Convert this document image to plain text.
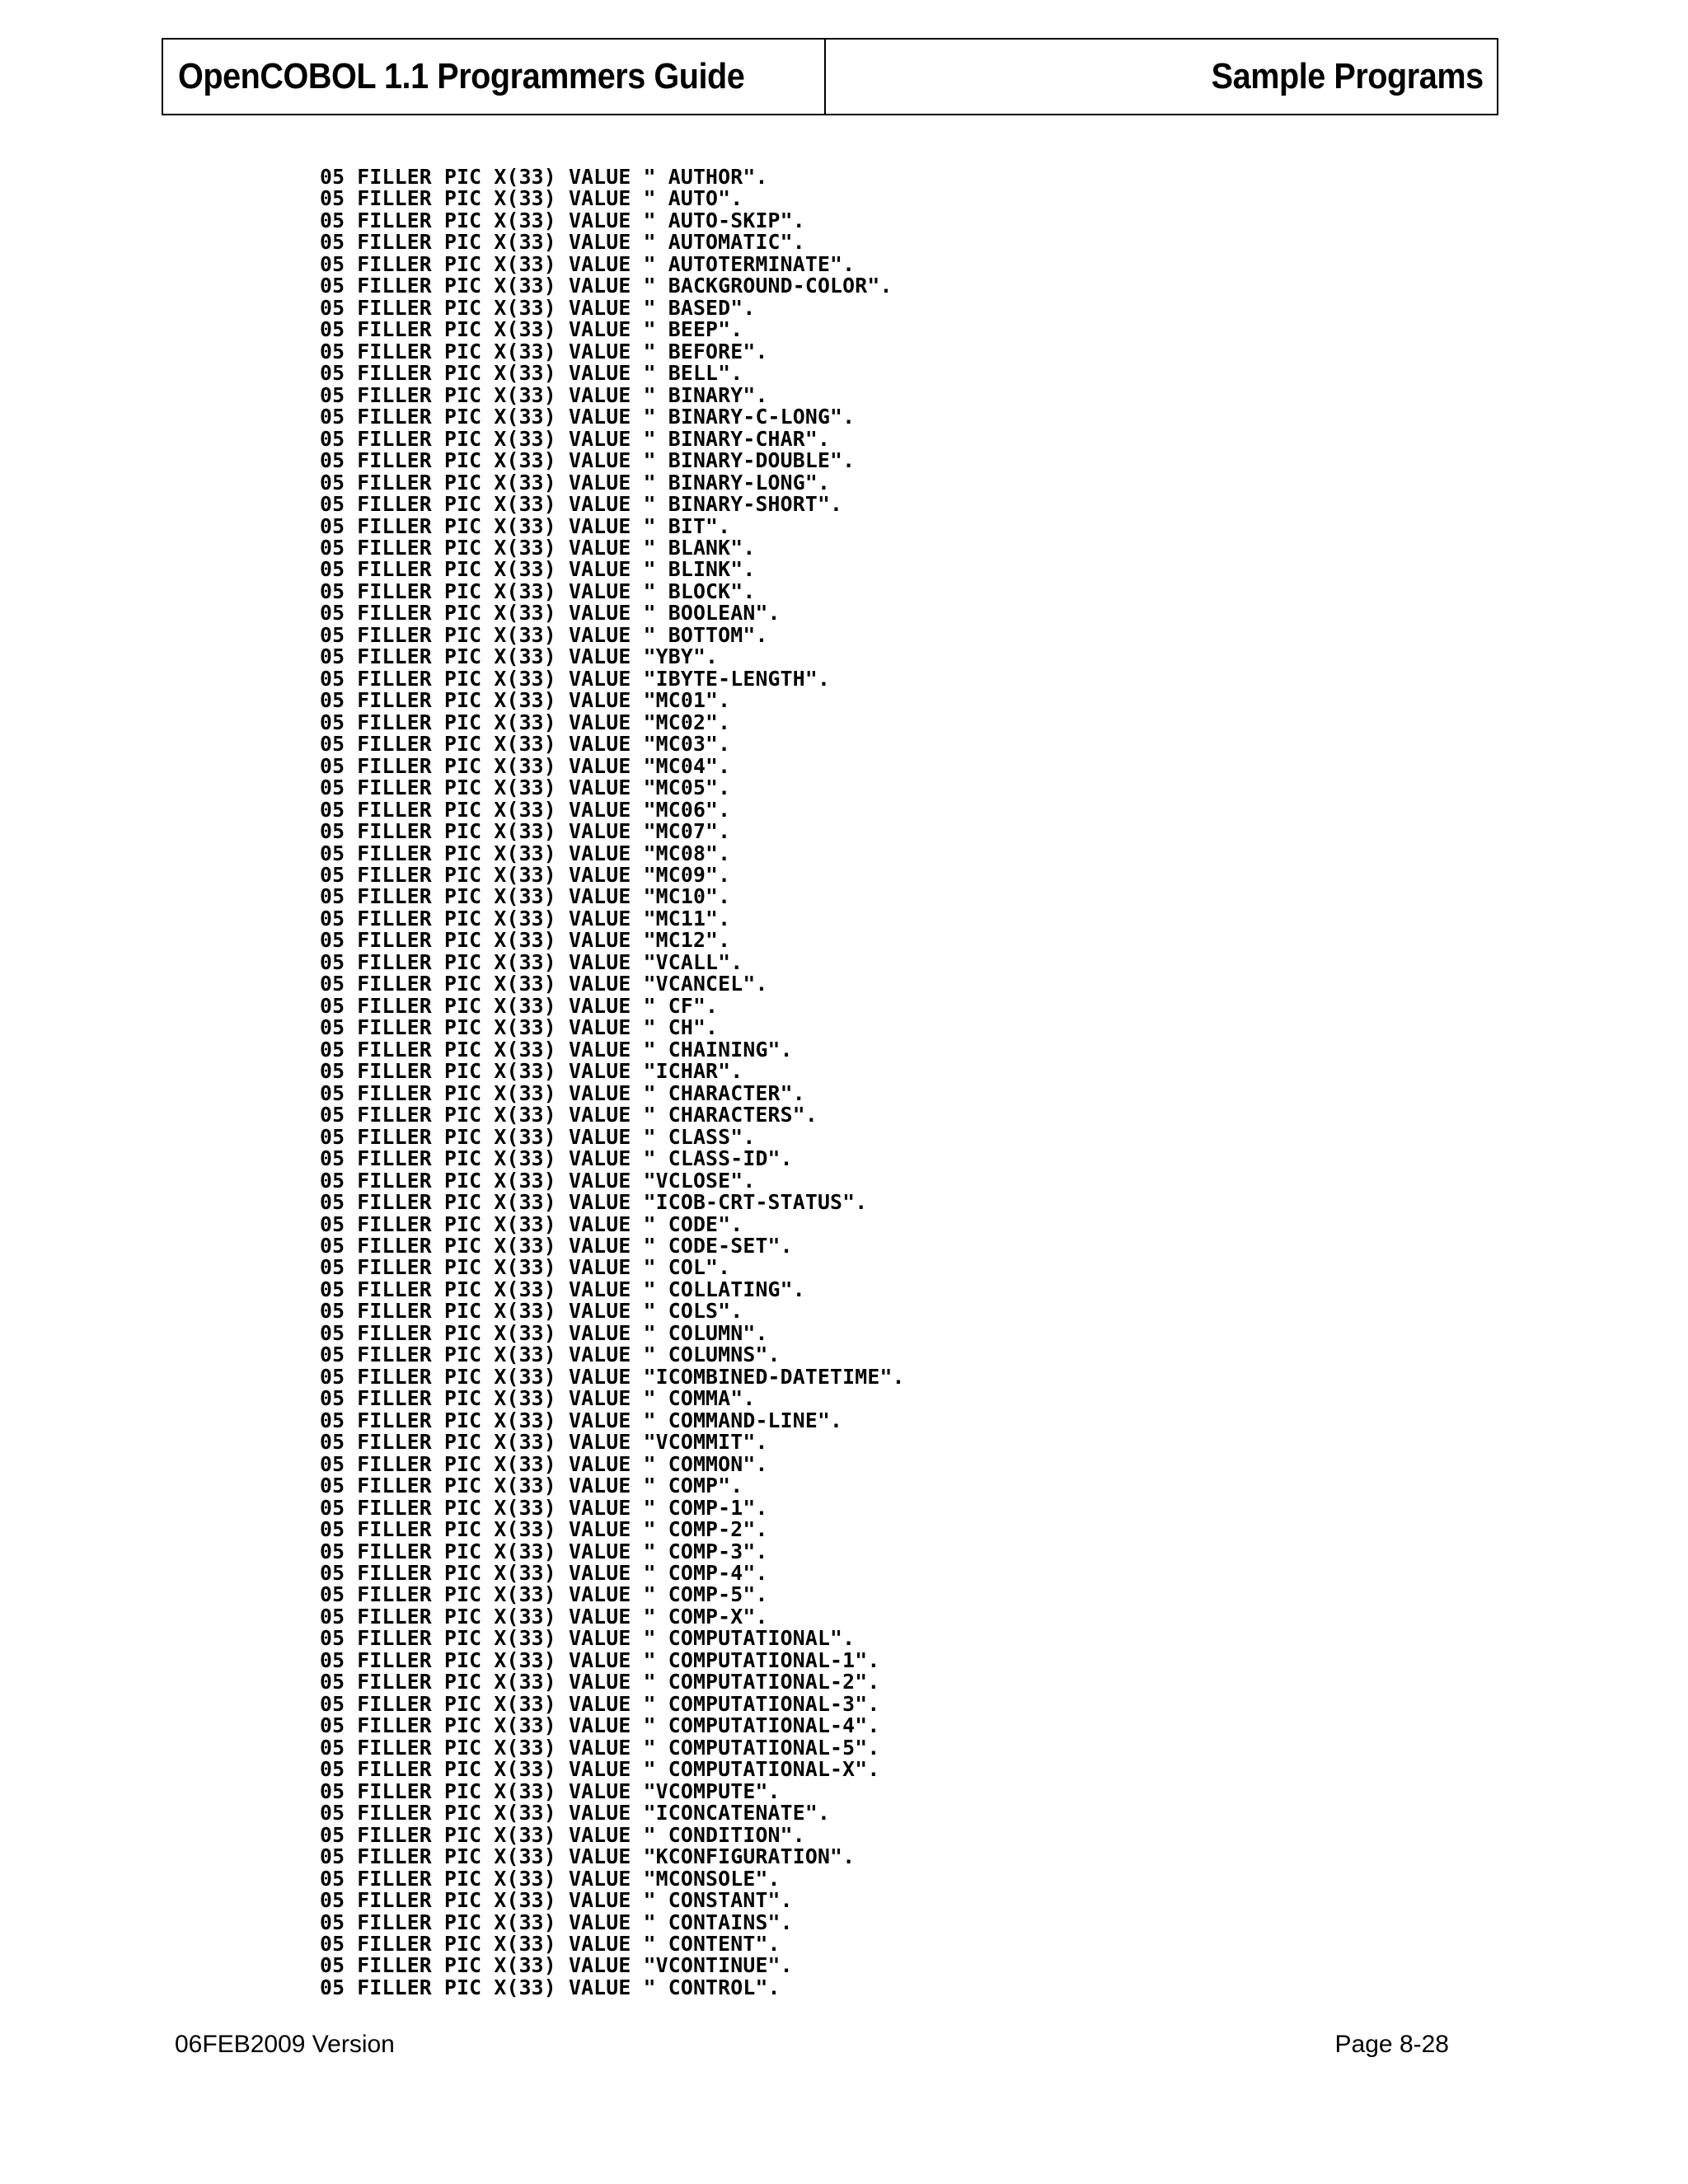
OpenCOBOL 1.1 Programmers Guide	Sample Programs
05 FILLER PIC X(33) VALUE " AUTHOR".
05 FILLER PIC X(33) VALUE " AUTO".
05 FILLER PIC X(33) VALUE " AUTO-SKIP".
05 FILLER PIC X(33) VALUE " AUTOMATIC".
05 FILLER PIC X(33) VALUE " AUTOTERMINATE".
05 FILLER PIC X(33) VALUE " BACKGROUND-COLOR".
05 FILLER PIC X(33) VALUE " BASED".
05 FILLER PIC X(33) VALUE " BEEP".
05 FILLER PIC X(33) VALUE " BEFORE".
05 FILLER PIC X(33) VALUE " BELL".
05 FILLER PIC X(33) VALUE " BINARY".
05 FILLER PIC X(33) VALUE " BINARY-C-LONG".
05 FILLER PIC X(33) VALUE " BINARY-CHAR".
05 FILLER PIC X(33) VALUE " BINARY-DOUBLE".
05 FILLER PIC X(33) VALUE " BINARY-LONG".
05 FILLER PIC X(33) VALUE " BINARY-SHORT".
05 FILLER PIC X(33) VALUE " BIT".
05 FILLER PIC X(33) VALUE " BLANK".
05 FILLER PIC X(33) VALUE " BLINK".
05 FILLER PIC X(33) VALUE " BLOCK".
05 FILLER PIC X(33) VALUE " BOOLEAN".
05 FILLER PIC X(33) VALUE " BOTTOM".
05 FILLER PIC X(33) VALUE "YBY".
05 FILLER PIC X(33) VALUE "IBYTE-LENGTH".
05 FILLER PIC X(33) VALUE "MC01".
05 FILLER PIC X(33) VALUE "MC02".
05 FILLER PIC X(33) VALUE "MC03".
05 FILLER PIC X(33) VALUE "MC04".
05 FILLER PIC X(33) VALUE "MC05".
05 FILLER PIC X(33) VALUE "MC06".
05 FILLER PIC X(33) VALUE "MC07".
05 FILLER PIC X(33) VALUE "MC08".
05 FILLER PIC X(33) VALUE "MC09".
05 FILLER PIC X(33) VALUE "MC10".
05 FILLER PIC X(33) VALUE "MC11".
05 FILLER PIC X(33) VALUE "MC12".
05 FILLER PIC X(33) VALUE "VCALL".
05 FILLER PIC X(33) VALUE "VCANCEL".
05 FILLER PIC X(33) VALUE " CF".
05 FILLER PIC X(33) VALUE " CH".
05 FILLER PIC X(33) VALUE " CHAINING".
05 FILLER PIC X(33) VALUE "ICHAR".
05 FILLER PIC X(33) VALUE " CHARACTER".
05 FILLER PIC X(33) VALUE " CHARACTERS".
05 FILLER PIC X(33) VALUE " CLASS".
05 FILLER PIC X(33) VALUE " CLASS-ID".
05 FILLER PIC X(33) VALUE "VCLOSE".
05 FILLER PIC X(33) VALUE "ICOB-CRT-STATUS".
05 FILLER PIC X(33) VALUE " CODE".
05 FILLER PIC X(33) VALUE " CODE-SET".
05 FILLER PIC X(33) VALUE " COL".
05 FILLER PIC X(33) VALUE " COLLATING".
05 FILLER PIC X(33) VALUE " COLS".
05 FILLER PIC X(33) VALUE " COLUMN".
05 FILLER PIC X(33) VALUE " COLUMNS".
05 FILLER PIC X(33) VALUE "ICOMBINED-DATETIME".
05 FILLER PIC X(33) VALUE " COMMA".
05 FILLER PIC X(33) VALUE " COMMAND-LINE".
05 FILLER PIC X(33) VALUE "VCOMMIT".
05 FILLER PIC X(33) VALUE " COMMON".
05 FILLER PIC X(33) VALUE " COMP".
05 FILLER PIC X(33) VALUE " COMP-1".
05 FILLER PIC X(33) VALUE " COMP-2".
05 FILLER PIC X(33) VALUE " COMP-3".
05 FILLER PIC X(33) VALUE " COMP-4".
05 FILLER PIC X(33) VALUE " COMP-5".
05 FILLER PIC X(33) VALUE " COMP-X".
05 FILLER PIC X(33) VALUE " COMPUTATIONAL".
05 FILLER PIC X(33) VALUE " COMPUTATIONAL-1".
05 FILLER PIC X(33) VALUE " COMPUTATIONAL-2".
05 FILLER PIC X(33) VALUE " COMPUTATIONAL-3".
05 FILLER PIC X(33) VALUE " COMPUTATIONAL-4".
05 FILLER PIC X(33) VALUE " COMPUTATIONAL-5".
05 FILLER PIC X(33) VALUE " COMPUTATIONAL-X".
05 FILLER PIC X(33) VALUE "VCOMPUTE".
05 FILLER PIC X(33) VALUE "ICONCATENATE".
05 FILLER PIC X(33) VALUE " CONDITION".
05 FILLER PIC X(33) VALUE "KCONFIGURATION".
05 FILLER PIC X(33) VALUE "MCONSOLE".
05 FILLER PIC X(33) VALUE " CONSTANT".
05 FILLER PIC X(33) VALUE " CONTAINS".
05 FILLER PIC X(33) VALUE " CONTENT".
05 FILLER PIC X(33) VALUE "VCONTINUE".
05 FILLER PIC X(33) VALUE " CONTROL".
06FEB2009 Version	Page 8-28
